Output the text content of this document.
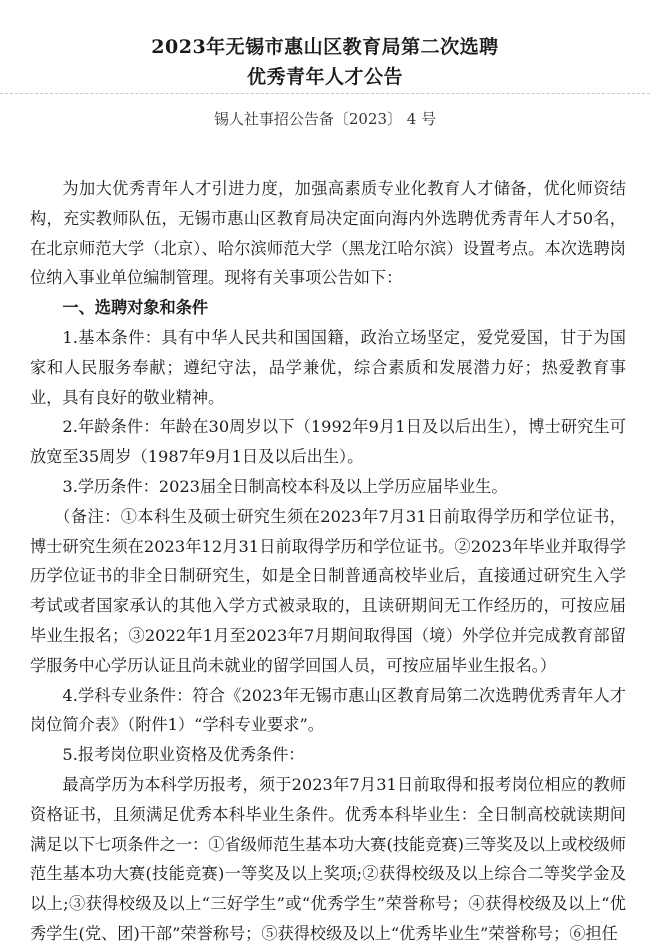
2023年无锡市惠山区教育局第二次选聘
优秀青年人才公告
锡人社事招公告备〔2023〕 4 号

为加大优秀青年人才引进力度，加强高素质专业化教育人才储备，优化师资结构，充实教师队伍，无锡市惠山区教育局决定面向海内外选聘优秀青年人才50名，在北京师范大学（北京）、哈尔滨师范大学（黑龙江哈尔滨）设置考点。本次选聘岗位纳入事业单位编制管理。现将有关事项公告如下：

一、选聘对象和条件

1.基本条件：具有中华人民共和国国籍，政治立场坚定，爱党爱国，甘于为国家和人民服务奉献；遵纪守法，品学兼优，综合素质和发展潜力好；热爱教育事业，具有良好的敬业精神。

2.年龄条件：年龄在30周岁以下（1992年9月1日及以后出生），博士研究生可放宽至35周岁（1987年9月1日及以后出生）。

3.学历条件：2023届全日制高校本科及以上学历应届毕业生。

（备注：①本科生及硕士研究生须在2023年7月31日前取得学历和学位证书，博士研究生须在2023年12月31日前取得学历和学位证书。②2023年毕业并取得学历学位证书的非全日制研究生，如是全日制普通高校毕业后，直接通过研究生入学考试或者国家承认的其他入学方式被录取的，且读研期间无工作经历的，可按应届毕业生报名；③2022年1月至2023年7月期间取得国（境）外学位并完成教育部留学服务中心学历认证且尚未就业的留学回国人员，可按应届毕业生报名。）

4.学科专业条件：符合《2023年无锡市惠山区教育局第二次选聘优秀青年人才岗位简介表》（附件1）“学科专业要求”。

5.报考岗位职业资格及优秀条件：

最高学历为本科学历报考，须于2023年7月31日前取得和报考岗位相应的教师资格证书，且须满足优秀本科毕业生条件。优秀本科毕业生：全日制高校就读期间满足以下七项条件之一：①省级师范生基本功大赛(技能竞赛)三等奖及以上或校级师范生基本功大赛(技能竞赛)一等奖及以上奖项;②获得校级及以上综合二等奖学金及以上;③获得校级及以上“三好学生”或“优秀学生”荣誉称号；④获得校级及以上“优秀学生(党、团)干部”荣誉称号；⑤获得校级及以上“优秀毕业生”荣誉称号；⑥担任
